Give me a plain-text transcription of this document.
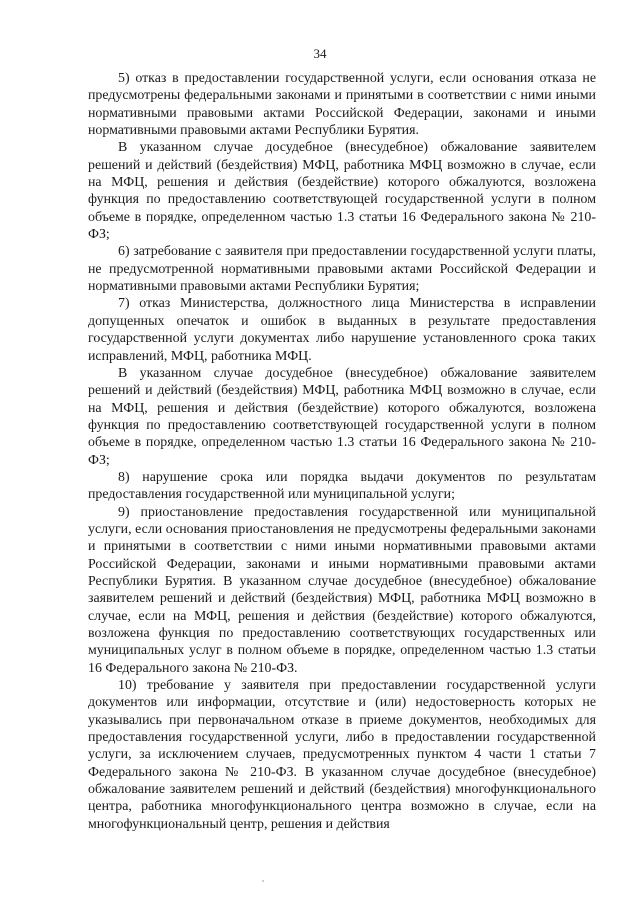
34

5) отказ в предоставлении государственной услуги, если основания отказа не предусмотрены федеральными законами и принятыми в соответствии с ними иными нормативными правовыми актами Российской Федерации, законами и иными нормативными правовыми актами Республики Бурятия.

В указанном случае досудебное (внесудебное) обжалование заявителем решений и действий (бездействия) МФЦ, работника МФЦ возможно в случае, если на МФЦ, решения и действия (бездействие) которого обжалуются, возложена функция по предоставлению соответствующей государственной услуги в полном объеме в порядке, определенном частью 1.3 статьи 16 Федерального закона № 210-ФЗ;

6) затребование с заявителя при предоставлении государственной услуги платы, не предусмотренной нормативными правовыми актами Российской Федерации и нормативными правовыми актами Республики Бурятия;

7) отказ Министерства, должностного лица Министерства в исправлении допущенных опечаток и ошибок в выданных в результате предоставления государственной услуги документах либо нарушение установленного срока таких исправлений, МФЦ, работника МФЦ.

В указанном случае досудебное (внесудебное) обжалование заявителем решений и действий (бездействия) МФЦ, работника МФЦ возможно в случае, если на МФЦ, решения и действия (бездействие) которого обжалуются, возложена функция по предоставлению соответствующей государственной услуги в полном объеме в порядке, определенном частью 1.3 статьи 16 Федерального закона № 210-ФЗ;

8) нарушение срока или порядка выдачи документов по результатам предоставления государственной или муниципальной услуги;

9) приостановление предоставления государственной или муниципальной услуги, если основания приостановления не предусмотрены федеральными законами и принятыми в соответствии с ними иными нормативными правовыми актами Российской Федерации, законами и иными нормативными правовыми актами Республики Бурятия. В указанном случае досудебное (внесудебное) обжалование заявителем решений и действий (бездействия) МФЦ, работника МФЦ возможно в случае, если на МФЦ, решения и действия (бездействие) которого обжалуются, возложена функция по предоставлению соответствующих государственных или муниципальных услуг в полном объеме в порядке, определенном частью 1.3 статьи 16 Федерального закона № 210-ФЗ.

10) требование у заявителя при предоставлении государственной услуги документов или информации, отсутствие и (или) недостоверность которых не указывались при первоначальном отказе в приеме документов, необходимых для предоставления государственной услуги, либо в предоставлении государственной услуги, за исключением случаев, предусмотренных пунктом 4 части 1 статьи 7 Федерального закона № 210-ФЗ. В указанном случае досудебное (внесудебное) обжалование заявителем решений и действий (бездействия) многофункционального центра, работника многофункционального центра возможно в случае, если на многофункциональный центр, решения и действия
